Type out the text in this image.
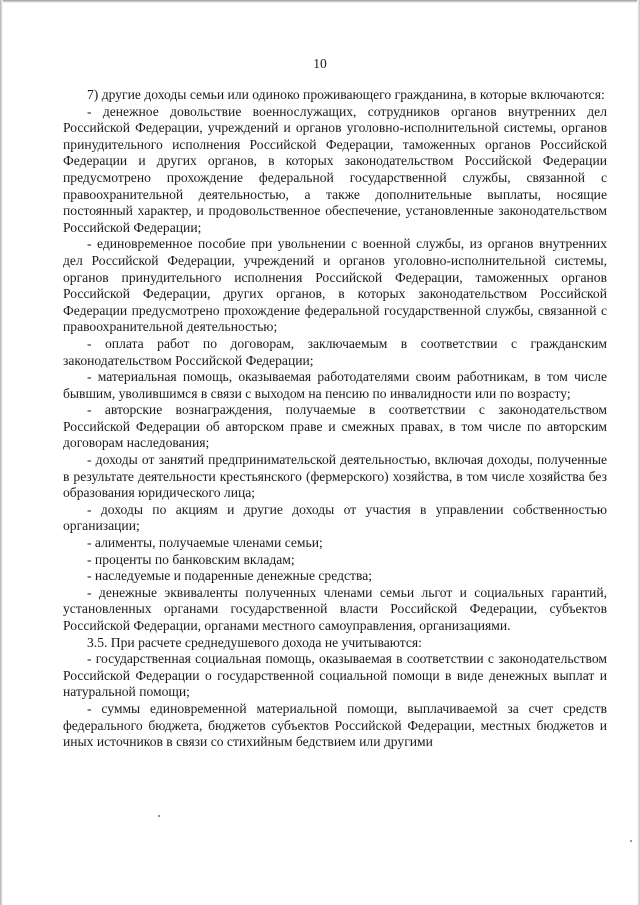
10

7) другие доходы семьи или одиноко проживающего гражданина, в которые включаются:

- денежное довольствие военнослужащих, сотрудников органов внутренних дел Российской Федерации, учреждений и органов уголовно-исполнительной системы, органов принудительного исполнения Российской Федерации, таможенных органов Российской Федерации и других органов, в которых законодательством Российской Федерации предусмотрено прохождение федеральной государственной службы, связанной с правоохранительной деятельностью, а также дополнительные выплаты, носящие постоянный характер, и продовольственное обеспечение, установленные законодательством Российской Федерации;

- единовременное пособие при увольнении с военной службы, из органов внутренних дел Российской Федерации, учреждений и органов уголовно-исполнительной системы, органов принудительного исполнения Российской Федерации, таможенных органов Российской Федерации, других органов, в которых законодательством Российской Федерации предусмотрено прохождение федеральной государственной службы, связанной с правоохранительной деятельностью;

- оплата работ по договорам, заключаемым в соответствии с гражданским законодательством Российской Федерации;

- материальная помощь, оказываемая работодателями своим работникам, в том числе бывшим, уволившимся в связи с выходом на пенсию по инвалидности или по возрасту;

- авторские вознаграждения, получаемые в соответствии с законодательством Российской Федерации об авторском праве и смежных правах, в том числе по авторским договорам наследования;

- доходы от занятий предпринимательской деятельностью, включая доходы, полученные в результате деятельности крестьянского (фермерского) хозяйства, в том числе хозяйства без образования юридического лица;

- доходы по акциям и другие доходы от участия в управлении собственностью организации;

- алименты, получаемые членами семьи;

- проценты по банковским вкладам;

- наследуемые и подаренные денежные средства;

- денежные эквиваленты полученных членами семьи льгот и социальных гарантий, установленных органами государственной власти Российской Федерации, субъектов Российской Федерации, органами местного самоуправления, организациями.

3.5. При расчете среднедушевого дохода не учитываются:

- государственная социальная помощь, оказываемая в соответствии с законодательством Российской Федерации о государственной социальной помощи в виде денежных выплат и натуральной помощи;

- суммы единовременной материальной помощи, выплачиваемой за счет средств федерального бюджета, бюджетов субъектов Российской Федерации, местных бюджетов и иных источников в связи со стихийным бедствием или другими
